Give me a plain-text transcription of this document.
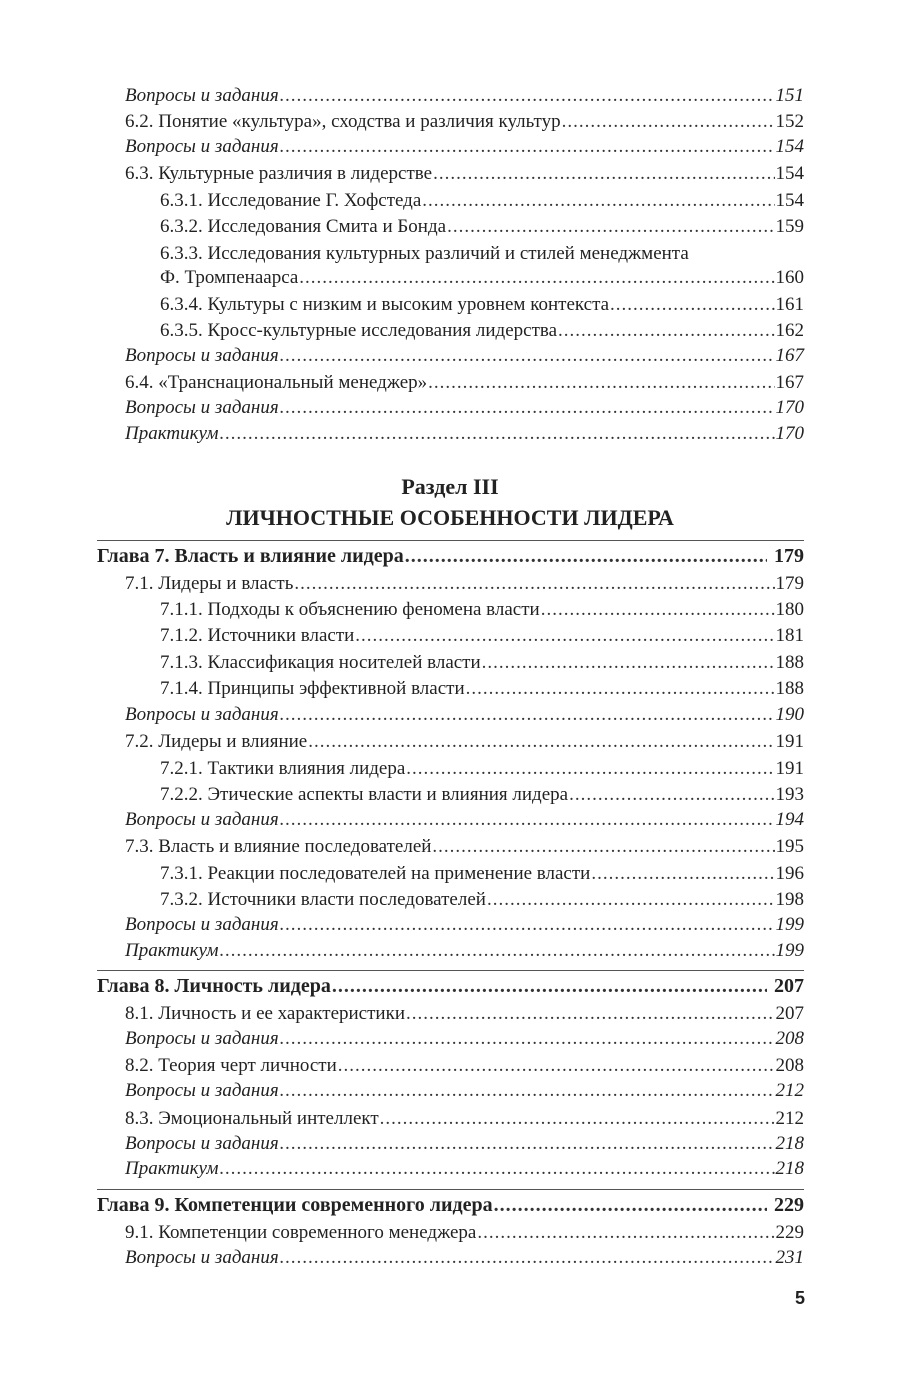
Вопросы и задания .....	151
6.2. Понятие «культура», сходства и различия культур .....	152
Вопросы и задания .....	154
6.3. Культурные различия в лидерстве .....	154
6.3.1. Исследование Г. Хофстеда .....	154
6.3.2. Исследования Смита и Бонда .....	159
6.3.3. Исследования культурных различий и стилей менеджмента
Ф. Тромпенаарса .....	160
6.3.4. Культуры с низким и высоким уровнем контекста .....	161
6.3.5. Кросс-культурные исследования лидерства .....	162
Вопросы и задания .....	167
6.4. «Транснациональный менеджер» .....	167
Вопросы и задания .....	170
Практикум .....	170
Раздел III
ЛИЧНОСТНЫЕ ОСОБЕННОСТИ ЛИДЕРА
Глава 7. Власть и влияние лидера .....	179
7.1. Лидеры и власть .....	179
7.1.1. Подходы к объяснению феномена власти .....	180
7.1.2. Источники власти .....	181
7.1.3. Классификация носителей власти .....	188
7.1.4. Принципы эффективной власти .....	188
Вопросы и задания .....	190
7.2. Лидеры и влияние .....	191
7.2.1. Тактики влияния лидера .....	191
7.2.2. Этические аспекты власти и влияния лидера .....	193
Вопросы и задания .....	194
7.3. Власть и влияние последователей .....	195
7.3.1. Реакции последователей на применение власти .....	196
7.3.2. Источники власти последователей .....	198
Вопросы и задания .....	199
Практикум .....	199
Глава 8. Личность лидера .....	207
8.1. Личность и ее характеристики .....	207
Вопросы и задания .....	208
8.2. Теория черт личности .....	208
Вопросы и задания .....	212
8.3. Эмоциональный интеллект .....	212
Вопросы и задания .....	218
Практикум .....	218
Глава 9. Компетенции современного лидера .....	229
9.1. Компетенции современного менеджера .....	229
Вопросы и задания .....	231
5
